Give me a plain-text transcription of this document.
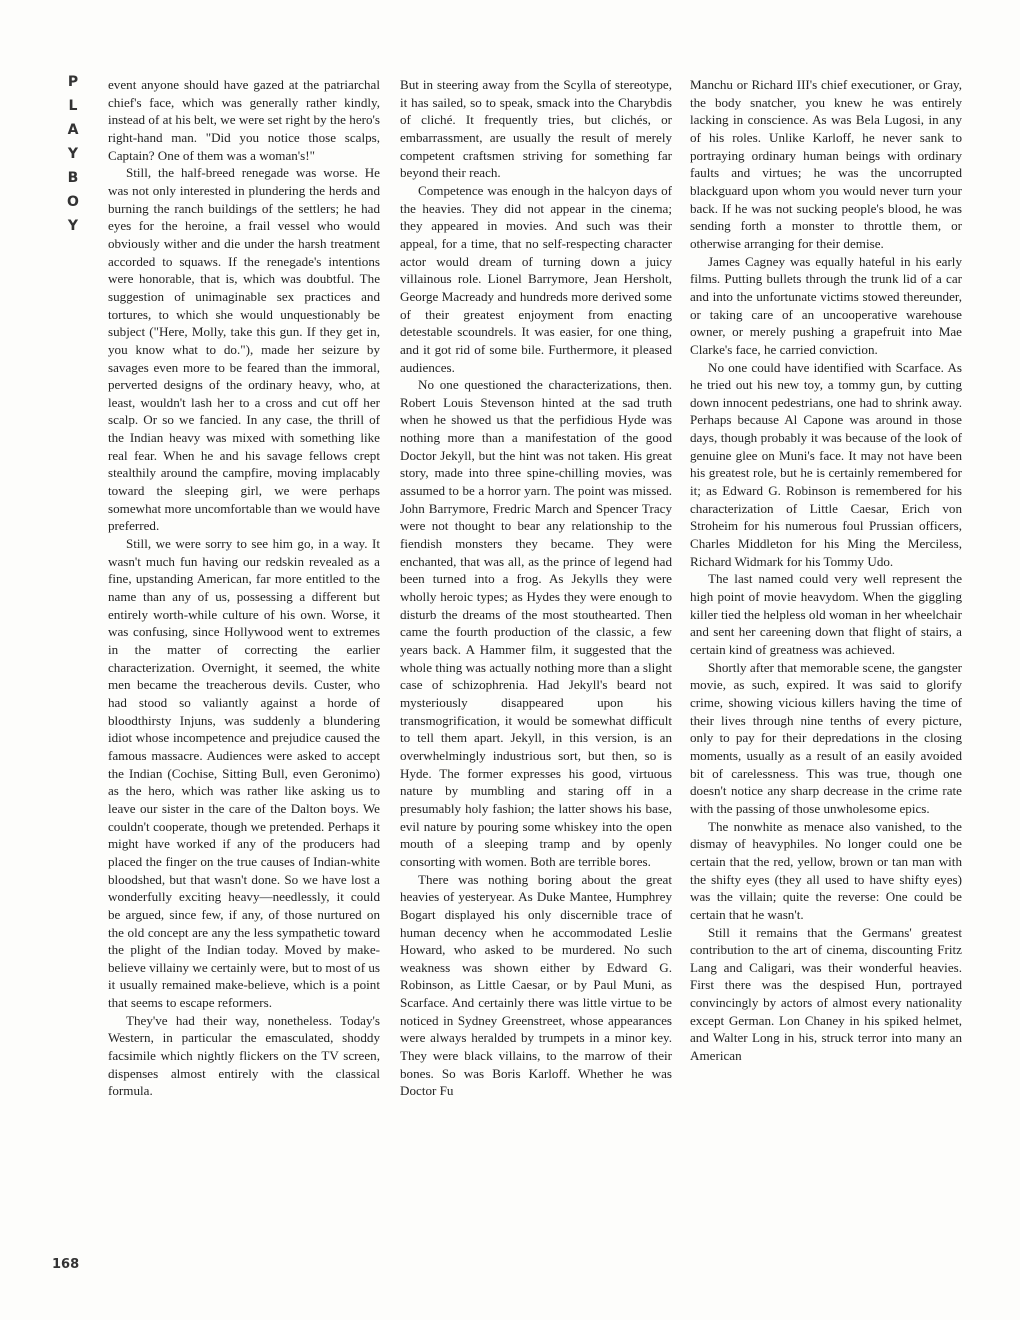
P
L
A
Y
B
O
Y

event anyone should have gazed at the patriarchal chief's face, which was generally rather kindly, instead of at his belt, we were set right by the hero's right-hand man. "Did you notice those scalps, Captain? One of them was a woman's!"

Still, the half-breed renegade was worse. He was not only interested in plundering the herds and burning the ranch buildings of the settlers; he had eyes for the heroine, a frail vessel who would obviously wither and die under the harsh treatment accorded to squaws. If the renegade's intentions were honorable, that is, which was doubtful. The suggestion of unimaginable sex practices and tortures, to which she would unquestionably be subject ("Here, Molly, take this gun. If they get in, you know what to do."), made her seizure by savages even more to be feared than the immoral, perverted designs of the ordinary heavy, who, at least, wouldn't lash her to a cross and cut off her scalp. Or so we fancied. In any case, the thrill of the Indian heavy was mixed with something like real fear. When he and his savage fellows crept stealthily around the campfire, moving implacably toward the sleeping girl, we were perhaps somewhat more uncomfortable than we would have preferred.

Still, we were sorry to see him go, in a way. It wasn't much fun having our redskin revealed as a fine, upstanding American, far more entitled to the name than any of us, possessing a different but entirely worth-while culture of his own. Worse, it was confusing, since Hollywood went to extremes in the matter of correcting the earlier characterization. Overnight, it seemed, the white men became the treacherous devils. Custer, who had stood so valiantly against a horde of bloodthirsty Injuns, was suddenly a blundering idiot whose incompetence and prejudice caused the famous massacre. Audiences were asked to accept the Indian (Cochise, Sitting Bull, even Geronimo) as the hero, which was rather like asking us to leave our sister in the care of the Dalton boys. We couldn't cooperate, though we pretended. Perhaps it might have worked if any of the producers had placed the finger on the true causes of Indian-white bloodshed, but that wasn't done. So we have lost a wonderfully exciting heavy—needlessly, it could be argued, since few, if any, of those nurtured on the old concept are any the less sympathetic toward the plight of the Indian today. Moved by make-believe villainy we certainly were, but to most of us it usually remained make-believe, which is a point that seems to escape reformers.

They've had their way, nonetheless. Today's Western, in particular the emasculated, shoddy facsimile which nightly flickers on the TV screen, dispenses almost entirely with the classical formula.

But in steering away from the Scylla of stereotype, it has sailed, so to speak, smack into the Charybdis of cliché. It frequently tries, but clichés, or embarrassment, are usually the result of merely competent craftsmen striving for something far beyond their reach.

Competence was enough in the halcyon days of the heavies. They did not appear in the cinema; they appeared in movies. And such was their appeal, for a time, that no self-respecting character actor would dream of turning down a juicy villainous role. Lionel Barrymore, Jean Hersholt, George Macready and hundreds more derived some of their greatest enjoyment from enacting detestable scoundrels. It was easier, for one thing, and it got rid of some bile. Furthermore, it pleased audiences.

No one questioned the characterizations, then. Robert Louis Stevenson hinted at the sad truth when he showed us that the perfidious Hyde was nothing more than a manifestation of the good Doctor Jekyll, but the hint was not taken. His great story, made into three spine-chilling movies, was assumed to be a horror yarn. The point was missed. John Barrymore, Fredric March and Spencer Tracy were not thought to bear any relationship to the fiendish monsters they became. They were enchanted, that was all, as the prince of legend had been turned into a frog. As Jekylls they were wholly heroic types; as Hydes they were enough to disturb the dreams of the most stouthearted. Then came the fourth production of the classic, a few years back. A Hammer film, it suggested that the whole thing was actually nothing more than a slight case of schizophrenia. Had Jekyll's beard not mysteriously disappeared upon his transmogrification, it would be somewhat difficult to tell them apart. Jekyll, in this version, is an overwhelmingly industrious sort, but then, so is Hyde. The former expresses his good, virtuous nature by mumbling and staring off in a presumably holy fashion; the latter shows his base, evil nature by pouring some whiskey into the open mouth of a sleeping tramp and by openly consorting with women. Both are terrible bores.

There was nothing boring about the great heavies of yesteryear. As Duke Mantee, Humphrey Bogart displayed his only discernible trace of human decency when he accommodated Leslie Howard, who asked to be murdered. No such weakness was shown either by Edward G. Robinson, as Little Caesar, or by Paul Muni, as Scarface. And certainly there was little virtue to be noticed in Sydney Greenstreet, whose appearances were always heralded by trumpets in a minor key. They were black villains, to the marrow of their bones. So was Boris Karloff. Whether he was Doctor Fu

Manchu or Richard III's chief executioner, or Gray, the body snatcher, you knew he was entirely lacking in conscience. As was Bela Lugosi, in any of his roles. Unlike Karloff, he never sank to portraying ordinary human beings with ordinary faults and virtues; he was the uncorrupted blackguard upon whom you would never turn your back. If he was not sucking people's blood, he was sending forth a monster to throttle them, or otherwise arranging for their demise.

James Cagney was equally hateful in his early films. Putting bullets through the trunk lid of a car and into the unfortunate victims stowed thereunder, or taking care of an uncooperative warehouse owner, or merely pushing a grapefruit into Mae Clarke's face, he carried conviction.

No one could have identified with Scarface. As he tried out his new toy, a tommy gun, by cutting down innocent pedestrians, one had to shrink away. Perhaps because Al Capone was around in those days, though probably it was because of the look of genuine glee on Muni's face. It may not have been his greatest role, but he is certainly remembered for it; as Edward G. Robinson is remembered for his characterization of Little Caesar, Erich von Stroheim for his numerous foul Prussian officers, Charles Middleton for his Ming the Merciless, Richard Widmark for his Tommy Udo.

The last named could very well represent the high point of movie heavydom. When the giggling killer tied the helpless old woman in her wheelchair and sent her careening down that flight of stairs, a certain kind of greatness was achieved.

Shortly after that memorable scene, the gangster movie, as such, expired. It was said to glorify crime, showing vicious killers having the time of their lives through nine tenths of every picture, only to pay for their depredations in the closing moments, usually as a result of an easily avoided bit of carelessness. This was true, though one doesn't notice any sharp decrease in the crime rate with the passing of those unwholesome epics.

The nonwhite as menace also vanished, to the dismay of heavyphiles. No longer could one be certain that the red, yellow, brown or tan man with the shifty eyes (they all used to have shifty eyes) was the villain; quite the reverse: One could be certain that he wasn't.

Still it remains that the Germans' greatest contribution to the art of cinema, discounting Fritz Lang and Caligari, was their wonderful heavies. First there was the despised Hun, portrayed convincingly by actors of almost every nationality except German. Lon Chaney in his spiked helmet, and Walter Long in his, struck terror into many an American

168
